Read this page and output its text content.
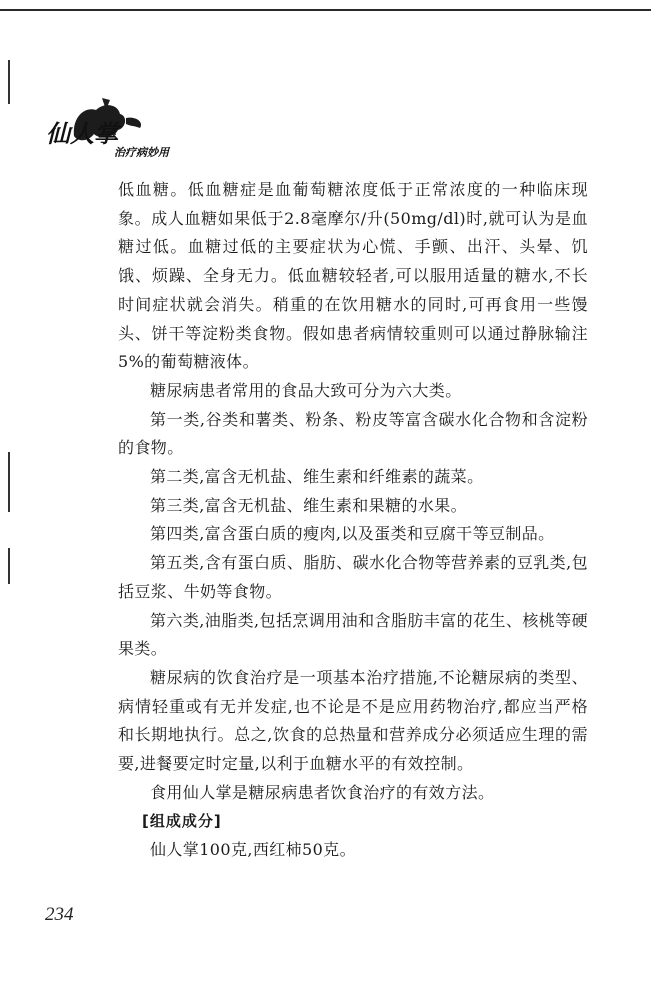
仙人掌
治疗病妙用

低血糖。低血糖症是血葡萄糖浓度低于正常浓度的一种临床现象。成人血糖如果低于2.8毫摩尔/升(50mg/dl)时,就可认为是血糖过低。血糖过低的主要症状为心慌、手颤、出汗、头晕、饥饿、烦躁、全身无力。低血糖较轻者,可以服用适量的糖水,不长时间症状就会消失。稍重的在饮用糖水的同时,可再食用一些馒头、饼干等淀粉类食物。假如患者病情较重则可以通过静脉输注5%的葡萄糖液体。

糖尿病患者常用的食品大致可分为六大类。

第一类,谷类和薯类、粉条、粉皮等富含碳水化合物和含淀粉的食物。

第二类,富含无机盐、维生素和纤维素的蔬菜。

第三类,富含无机盐、维生素和果糖的水果。

第四类,富含蛋白质的瘦肉,以及蛋类和豆腐干等豆制品。

第五类,含有蛋白质、脂肪、碳水化合物等营养素的豆乳类,包括豆浆、牛奶等食物。

第六类,油脂类,包括烹调用油和含脂肪丰富的花生、核桃等硬果类。

糖尿病的饮食治疗是一项基本治疗措施,不论糖尿病的类型、病情轻重或有无并发症,也不论是不是应用药物治疗,都应当严格和长期地执行。总之,饮食的总热量和营养成分必须适应生理的需要,进餐要定时定量,以利于血糖水平的有效控制。

食用仙人掌是糖尿病患者饮食治疗的有效方法。

[组成成分]

仙人掌100克,西红柿50克。

234
